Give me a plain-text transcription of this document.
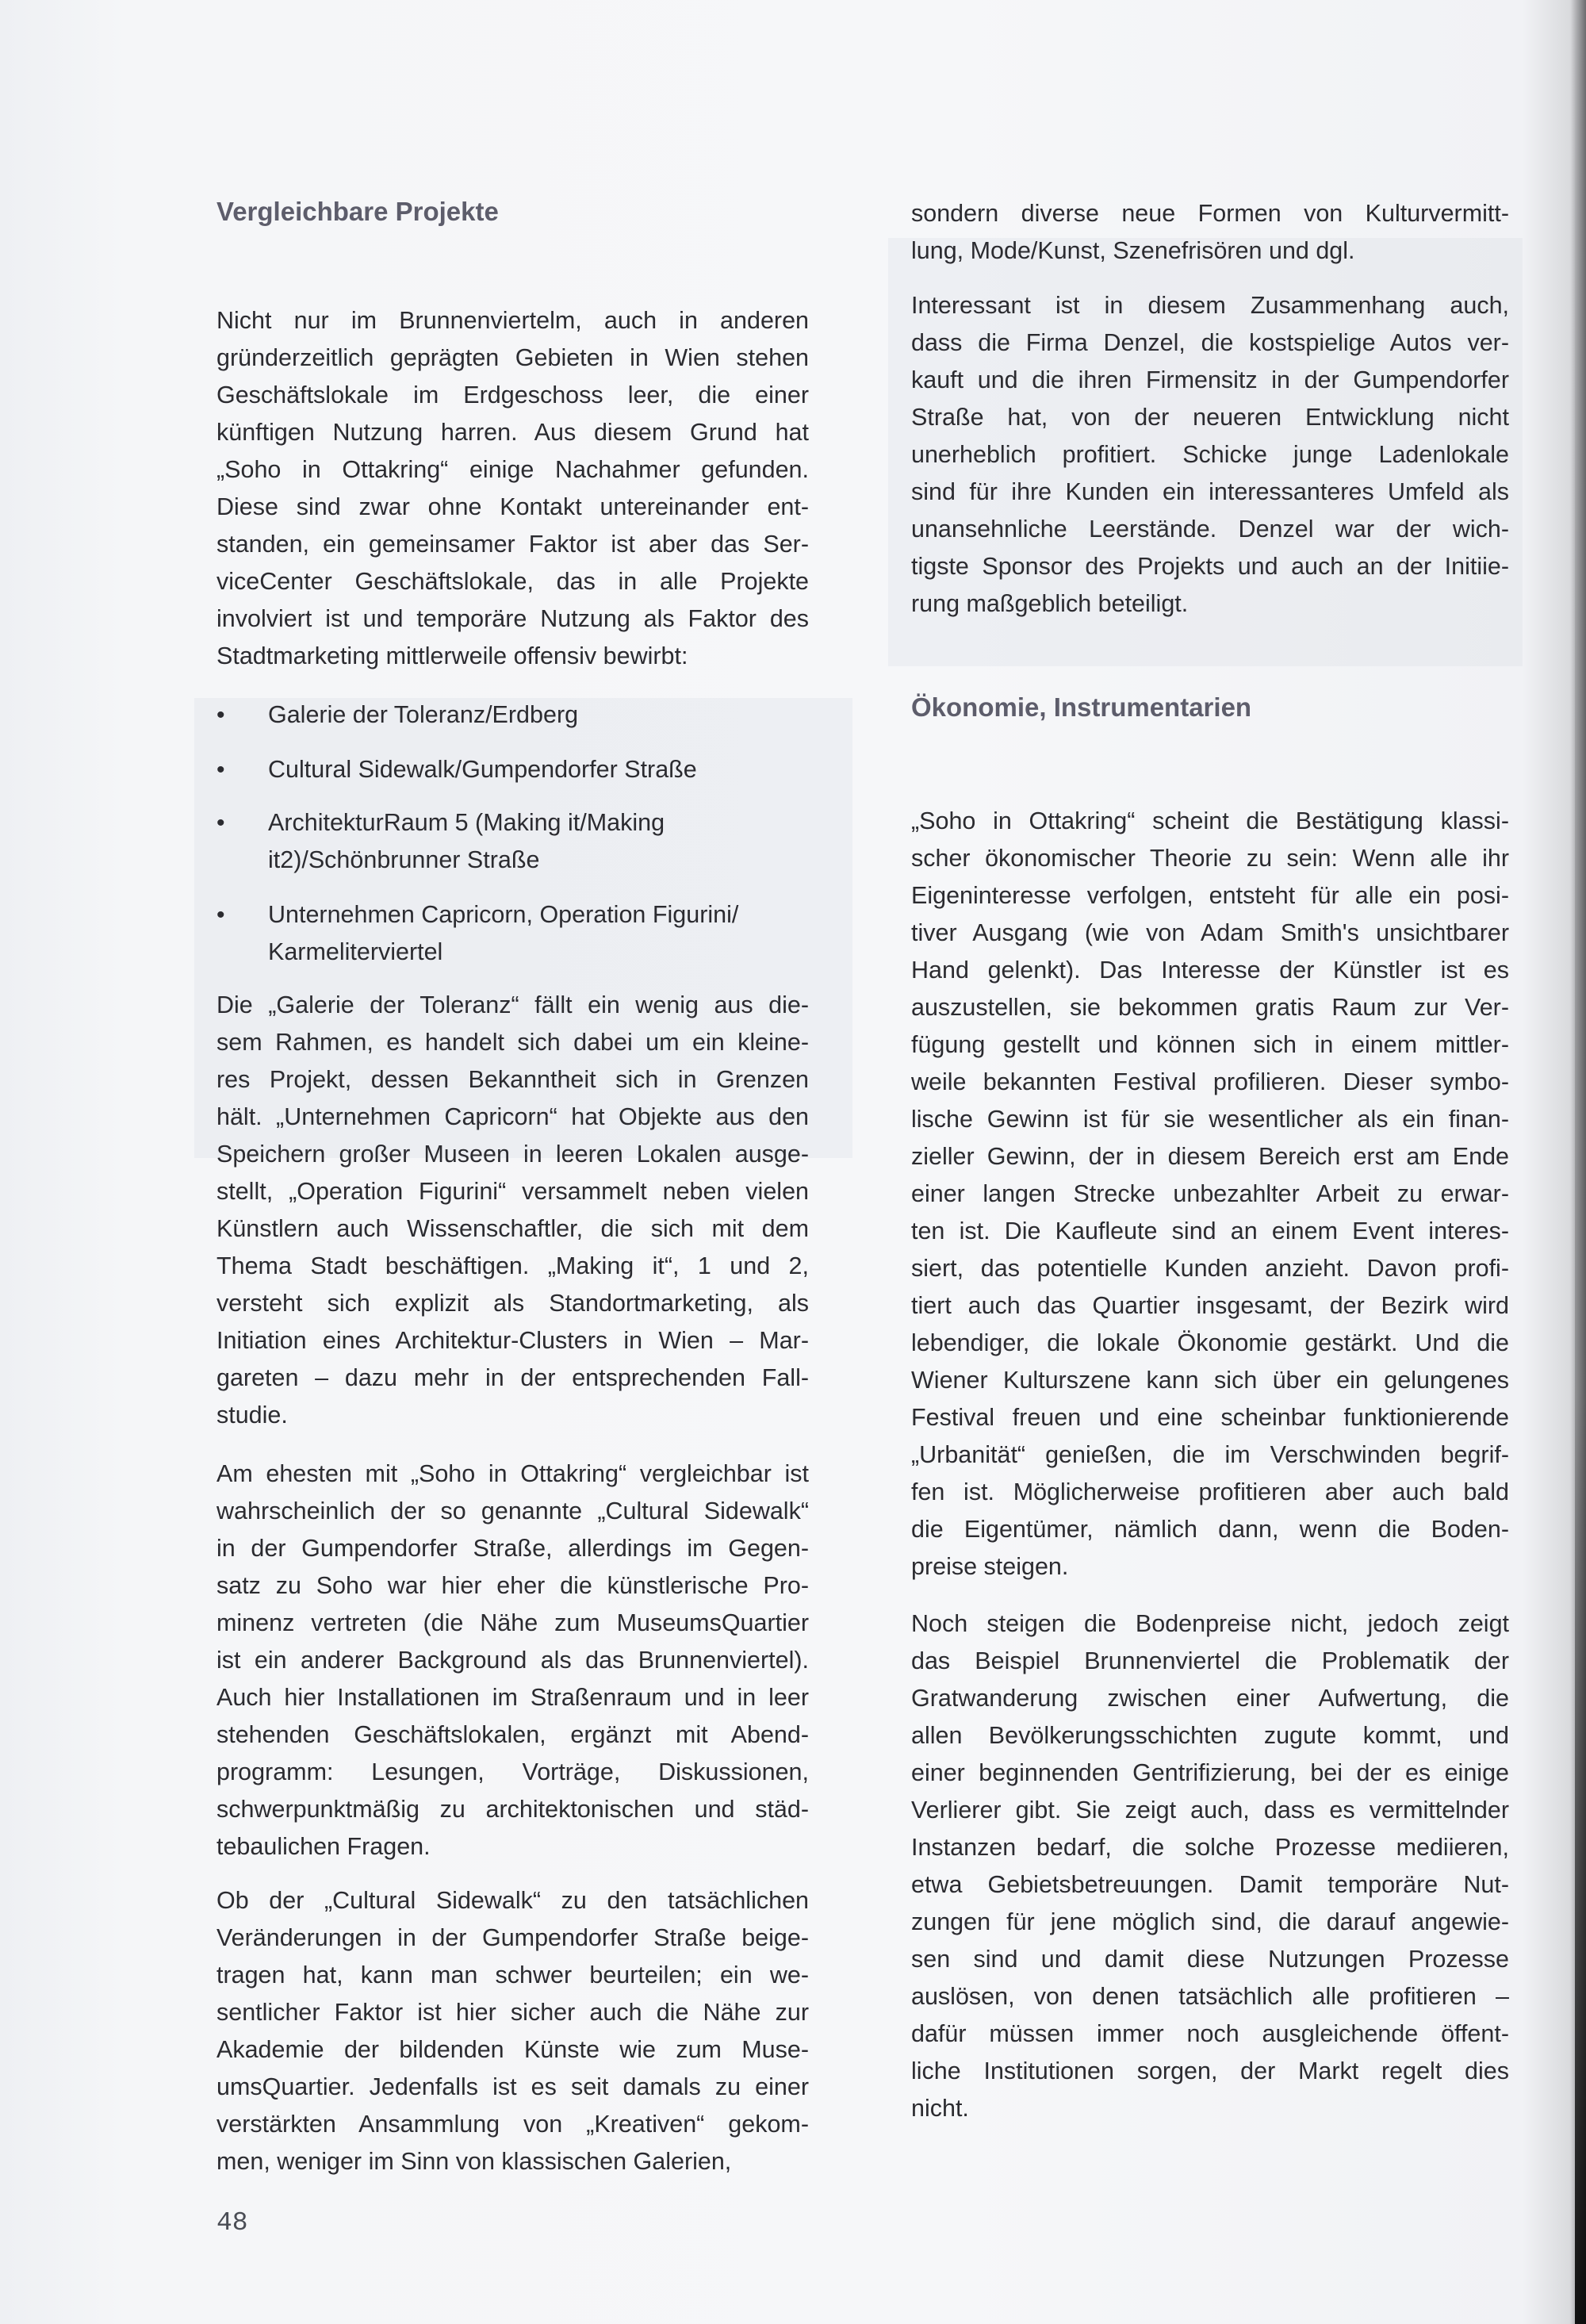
Vergleichbare Projekte
Nicht nur im Brunnenviertelm, auch in anderen
gründerzeitlich geprägten Gebieten in Wien stehen
Geschäftslokale im Erdgeschoss leer, die einer
künftigen Nutzung harren. Aus diesem Grund hat
„Soho in Ottakring“ einige Nachahmer gefunden.
Diese sind zwar ohne Kontakt untereinander ent-
standen, ein gemeinsamer Faktor ist aber das Ser-
viceCenter Geschäftslokale, das in alle Projekte
involviert ist und temporäre Nutzung als Faktor des
Stadtmarketing mittlerweile offensiv bewirbt:
• Galerie der Toleranz/Erdberg
• Cultural Sidewalk/Gumpendorfer Straße
• ArchitekturRaum 5 (Making it/Making
it2)/Schönbrunner Straße
• Unternehmen Capricorn, Operation Figurini/
Karmeliterviertel
Die „Galerie der Toleranz“ fällt ein wenig aus die-
sem Rahmen, es handelt sich dabei um ein kleine-
res Projekt, dessen Bekanntheit sich in Grenzen
hält. „Unternehmen Capricorn“ hat Objekte aus den
Speichern großer Museen in leeren Lokalen ausge-
stellt, „Operation Figurini“ versammelt neben vielen
Künstlern auch Wissenschaftler, die sich mit dem
Thema Stadt beschäftigen. „Making it“, 1 und 2,
versteht sich explizit als Standortmarketing, als
Initiation eines Architektur-Clusters in Wien – Mar-
gareten – dazu mehr in der entsprechenden Fall-
studie.
Am ehesten mit „Soho in Ottakring“ vergleichbar ist
wahrscheinlich der so genannte „Cultural Sidewalk“
in der Gumpendorfer Straße, allerdings im Gegen-
satz zu Soho war hier eher die künstlerische Pro-
minenz vertreten (die Nähe zum MuseumsQuartier
ist ein anderer Background als das Brunnenviertel).
Auch hier Installationen im Straßenraum und in leer
stehenden Geschäftslokalen, ergänzt mit Abend-
programm: Lesungen, Vorträge, Diskussionen,
schwerpunktmäßig zu architektonischen und städ-
tebaulichen Fragen.
Ob der „Cultural Sidewalk“ zu den tatsächlichen
Veränderungen in der Gumpendorfer Straße beige-
tragen hat, kann man schwer beurteilen; ein we-
sentlicher Faktor ist hier sicher auch die Nähe zur
Akademie der bildenden Künste wie zum Muse-
umsQuartier. Jedenfalls ist es seit damals zu einer
verstärkten Ansammlung von „Kreativen“ gekom-
men, weniger im Sinn von klassischen Galerien,
sondern diverse neue Formen von Kulturvermitt-
lung, Mode/Kunst, Szenefrisören und dgl.
Interessant ist in diesem Zusammenhang auch,
dass die Firma Denzel, die kostspielige Autos ver-
kauft und die ihren Firmensitz in der Gumpendorfer
Straße hat, von der neueren Entwicklung nicht
unerheblich profitiert. Schicke junge Ladenlokale
sind für ihre Kunden ein interessanteres Umfeld als
unansehnliche Leerstände. Denzel war der wich-
tigste Sponsor des Projekts und auch an der Initiie-
rung maßgeblich beteiligt.
Ökonomie, Instrumentarien
„Soho in Ottakring“ scheint die Bestätigung klassi-
scher ökonomischer Theorie zu sein: Wenn alle ihr
Eigeninteresse verfolgen, entsteht für alle ein posi-
tiver Ausgang (wie von Adam Smith's unsichtbarer
Hand gelenkt). Das Interesse der Künstler ist es
auszustellen, sie bekommen gratis Raum zur Ver-
fügung gestellt und können sich in einem mittler-
weile bekannten Festival profilieren. Dieser symbo-
lische Gewinn ist für sie wesentlicher als ein finan-
zieller Gewinn, der in diesem Bereich erst am Ende
einer langen Strecke unbezahlter Arbeit zu erwar-
ten ist. Die Kaufleute sind an einem Event interes-
siert, das potentielle Kunden anzieht. Davon profi-
tiert auch das Quartier insgesamt, der Bezirk wird
lebendiger, die lokale Ökonomie gestärkt. Und die
Wiener Kulturszene kann sich über ein gelungenes
Festival freuen und eine scheinbar funktionierende
„Urbanität“ genießen, die im Verschwinden begrif-
fen ist. Möglicherweise profitieren aber auch bald
die Eigentümer, nämlich dann, wenn die Boden-
preise steigen.
Noch steigen die Bodenpreise nicht, jedoch zeigt
das Beispiel Brunnenviertel die Problematik der
Gratwanderung zwischen einer Aufwertung, die
allen Bevölkerungsschichten zugute kommt, und
einer beginnenden Gentrifizierung, bei der es einige
Verlierer gibt. Sie zeigt auch, dass es vermittelnder
Instanzen bedarf, die solche Prozesse mediieren,
etwa Gebietsbetreuungen. Damit temporäre Nut-
zungen für jene möglich sind, die darauf angewie-
sen sind und damit diese Nutzungen Prozesse
auslösen, von denen tatsächlich alle profitieren –
dafür müssen immer noch ausgleichende öffent-
liche Institutionen sorgen, der Markt regelt dies
nicht.
48
